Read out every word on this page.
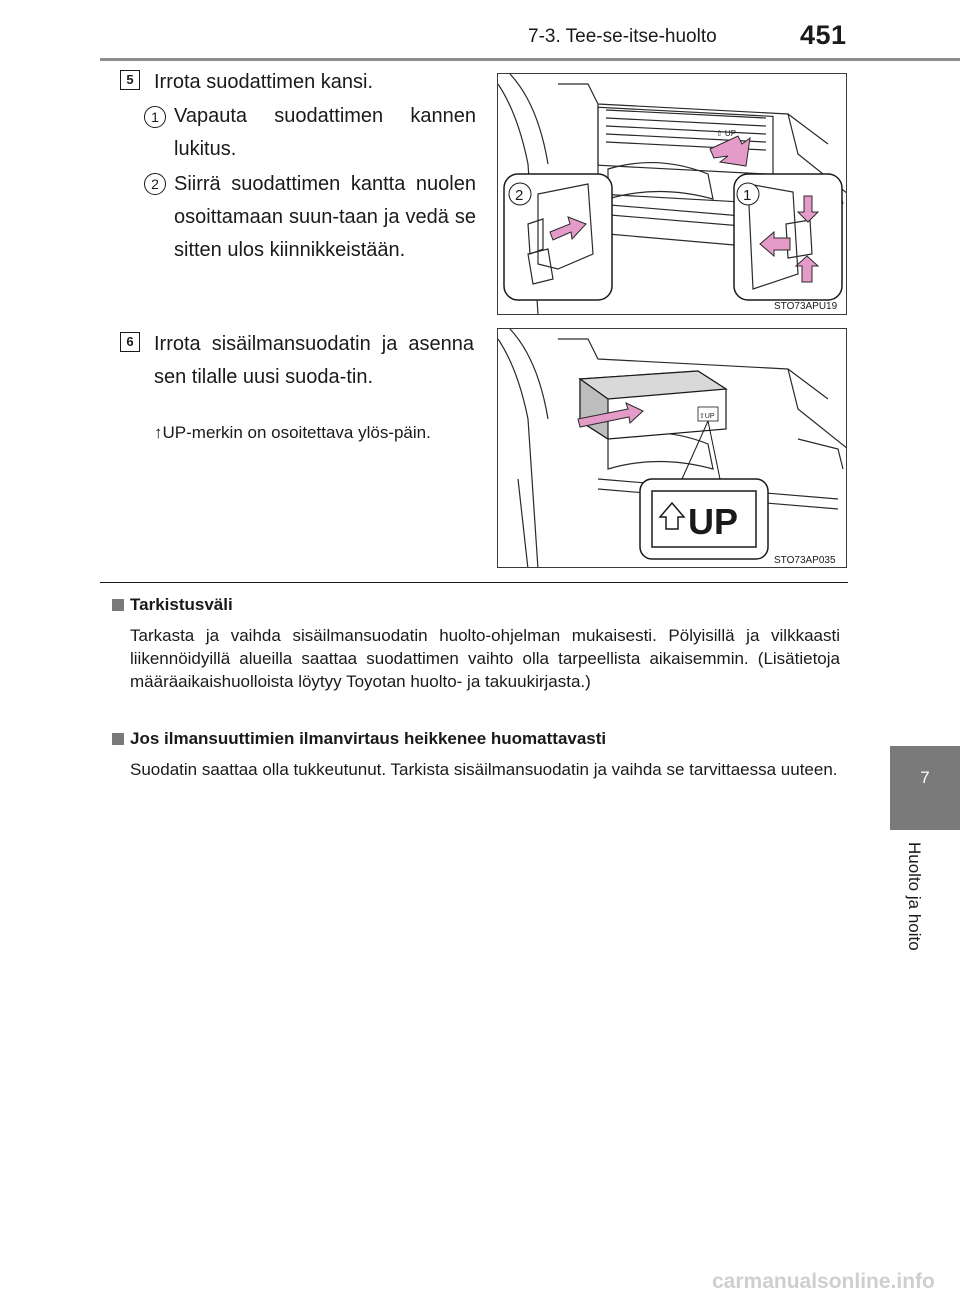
7-3. Tee-se-itse-huolto	451
7
Huolto ja hoito
5	Irrota suodattimen kansi.
1 Vapauta suodattimen kannen lukitus.
2 Siirrä suodattimen kantta nuolen osoittamaan suun-taan ja vedä se sitten ulos kiinnikkeistään.
⇧ UP
2	1
STO73APU19
6	Irrota sisäilmansuodatin ja asenna sen tilalle uusi suoda-tin.
↑UP-merkin on osoitettava ylös-päin.
⇧UP
UP
STO73AP035
Tarkistusväli
Tarkasta ja vaihda sisäilmansuodatin huolto-ohjelman mukaisesti. Pölyisillä ja vilkkaasti liikennöidyillä alueilla saattaa suodattimen vaihto olla tarpeellista aikaisemmin. (Lisätietoja määräaikaishuolloista löytyy Toyotan huolto- ja takuukirjasta.)
Jos ilmansuuttimien ilmanvirtaus heikkenee huomattavasti
Suodatin saattaa olla tukkeutunut. Tarkista sisäilmansuodatin ja vaihda se tarvittaessa uuteen.
carmanualsonline.info
